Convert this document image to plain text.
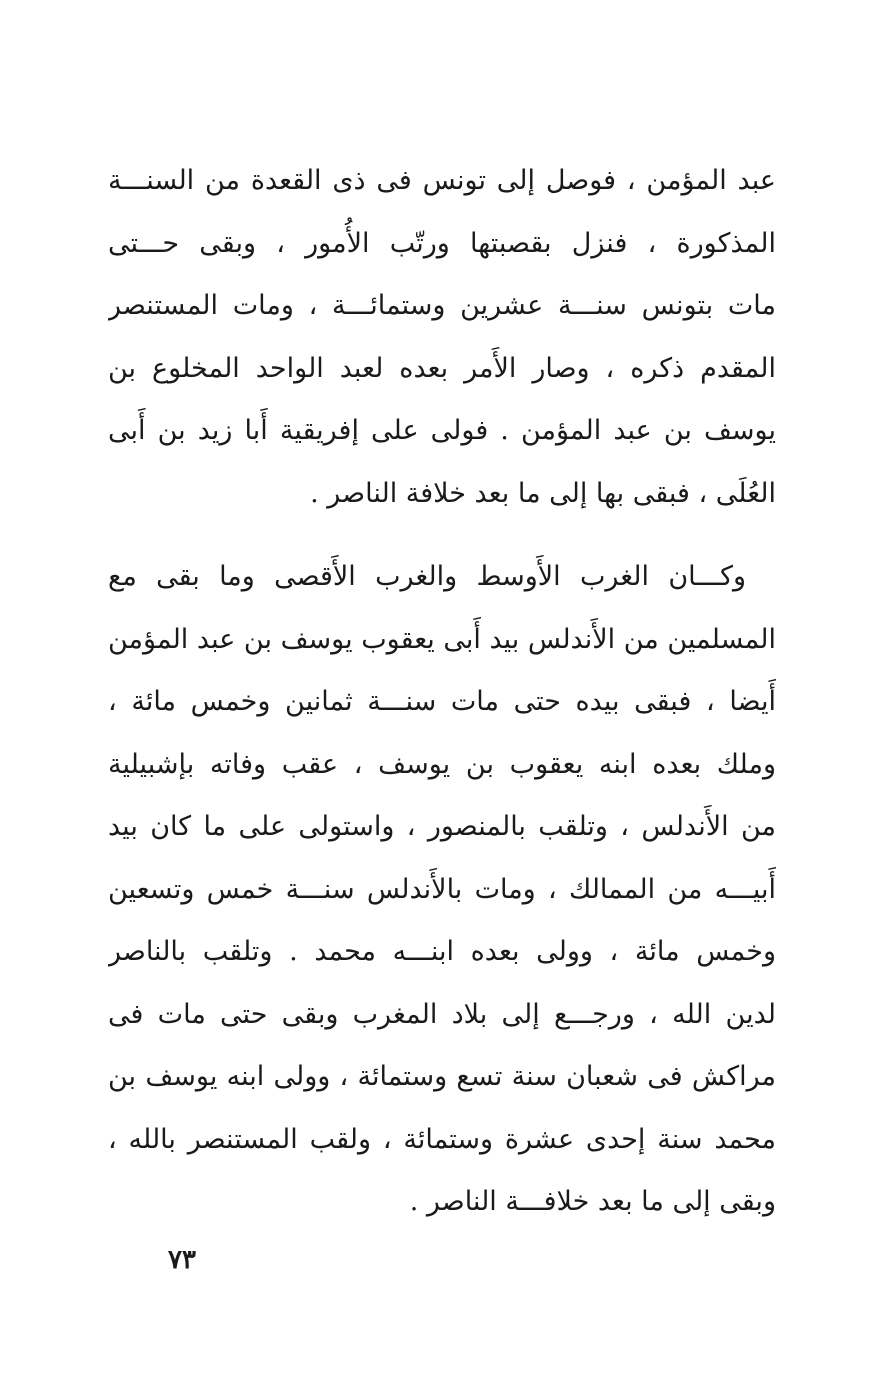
عبد المؤمن ، فوصل إلى تونس فى ذى القعدة من السنـــة
المذكورة ، فنزل بقصبتها ورتّب الأُمور ، وبقى حـــتى
مات بتونس سنـــة عشرين وستمائـــة ، ومات المستنصر
المقدم ذكره ، وصار الأَمر بعده لعبد الواحد المخلوع بن
يوسف بن عبد المؤمن . فولى على إفريقية أَبا زيد بن أَبى
العُلَى ، فبقى بها إلى ما بعد خلافة الناصر .
وكـــان الغرب الأَوسط والغرب الأَقصى وما بقى مع
المسلمين من الأَندلس بيد أَبى يعقوب يوسف بن عبد المؤمن
أَيضا ، فبقى بيده حتى مات سنـــة ثمانين وخمس مائة ،
وملك بعده ابنه يعقوب بن يوسف ، عقب وفاته بإشبيلية
من الأَندلس ، وتلقب بالمنصور ، واستولى على ما كان بيد
أَبيـــه من الممالك ، ومات بالأَندلس سنـــة خمس وتسعين
وخمس مائة ، وولى بعده ابنـــه محمد . وتلقب بالناصر
لدين الله ، ورجـــع إلى بلاد المغرب وبقى حتى مات فى
مراكش فى شعبان سنة تسع وستمائة ، وولى ابنه يوسف بن
محمد سنة إحدى عشرة وستمائة ، ولقب المستنصر بالله ،
وبقى إلى ما بعد خلافـــة الناصر .
٧٣
